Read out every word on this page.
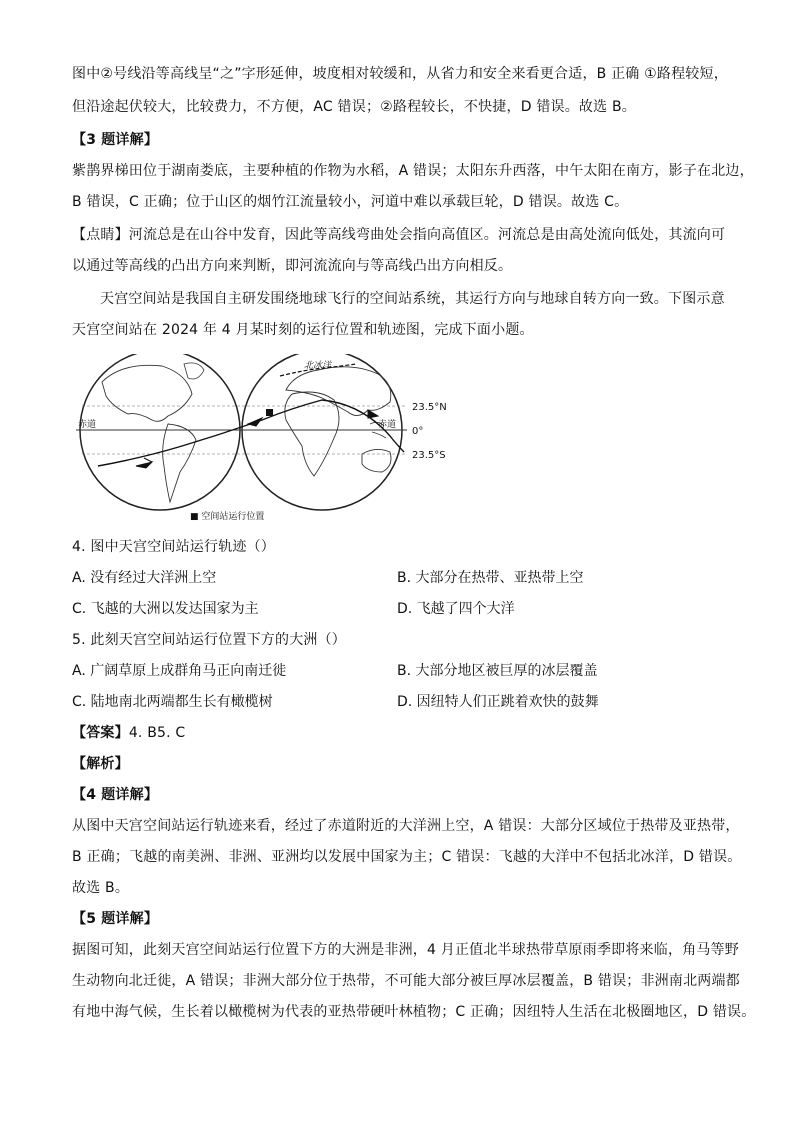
图中②号线沿等高线呈“之”字形延伸，坡度相对较缓和，从省力和安全来看更合适，B 正确 ①路程较短，
但沿途起伏较大，比较费力，不方便，AC 错误；②路程较长，不快捷，D 错误。故选 B。
【3 题详解】
紫鹊界梯田位于湖南娄底，主要种植的作物为水稻，A 错误；太阳东升西落，中午太阳在南方，影子在北边，
B 错误，C 正确；位于山区的烟竹江流量较小，河道中难以承载巨轮，D 错误。故选 C。
【点睛】河流总是在山谷中发育，因此等高线弯曲处会指向高值区。河流总是由高处流向低处，其流向可
以通过等高线的凸出方向来判断，即河流流向与等高线凸出方向相反。
天宫空间站是我国自主研发围绕地球飞行的空间站系统，其运行方向与地球自转方向一致。下图示意
天宫空间站在 2024 年 4 月某时刻的运行位置和轨迹图，完成下面小题。
赤道	赤道
北冰洋
23.5°N
0°
23.5°S
■ 空间站运行位置
4. 图中天宫空间站运行轨迹（）
A. 没有经过大洋洲上空	B. 大部分在热带、亚热带上空
C. 飞越的大洲以发达国家为主	D. 飞越了四个大洋
5. 此刻天宫空间站运行位置下方的大洲（）
A. 广阔草原上成群角马正向南迁徙	B. 大部分地区被巨厚的冰层覆盖
C. 陆地南北两端都生长有橄榄树	D. 因纽特人们正跳着欢快的鼓舞
【答案】4. B5. C
【解析】
【4 题详解】
从图中天宫空间站运行轨迹来看，经过了赤道附近的大洋洲上空，A 错误：大部分区域位于热带及亚热带，
B 正确；飞越的南美洲、非洲、亚洲均以发展中国家为主；C 错误：飞越的大洋中不包括北冰洋，D 错误。
故选 B。
【5 题详解】
据图可知，此刻天宫空间站运行位置下方的大洲是非洲，4 月正值北半球热带草原雨季即将来临，角马等野
生动物向北迁徙，A 错误；非洲大部分位于热带，不可能大部分被巨厚冰层覆盖，B 错误；非洲南北两端都
有地中海气候，生长着以橄榄树为代表的亚热带硬叶林植物；C 正确；因纽特人生活在北极圈地区，D 错误。
